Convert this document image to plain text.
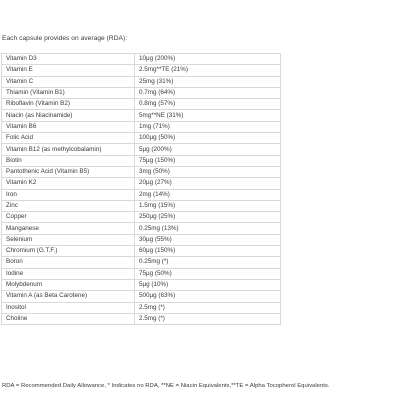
Each capsule provides on average (RDA):
Vitamin D3	10µg (200%)
Vitamin E	2.5mg**TE (21%)
Vitamin C	25mg (31%)
Thiamin (Vitamin B1)	0.7mg (64%)
Riboflavin (Vitamin B2)	0.8mg (57%)
Niacin (as Niacinamide)	5mg**NE (31%)
Vitamin B6	1mg (71%)
Folic Acid	100µg (50%)
Vitamin B12 (as methylcobalamin)	5µg (200%)
Biotin	75µg (150%)
Pantothenic Acid (Vitamin B5)	3mg (50%)
Vitamin K2	20µg (27%)
Iron	2mg (14%)
Zinc	1.5mg (15%)
Copper	250µg (25%)
Manganese	0.25mg (13%)
Selenium	30µg (55%)
Chromium (G.T.F.)	60µg (150%)
Boron	0.25mg (*)
Iodine	75µg (50%)
Molybdenum	5µg (10%)
Vitamin A (as Beta Carotene)	500µg (63%)
Inositol	2.5mg (*)
Choline	2.5mg (*)
RDA = Recommended Daily Allowance, * Indicates no RDA, **NE = Niacin Equivalents,**TE = Alpha Tocopherol Equivalents.
